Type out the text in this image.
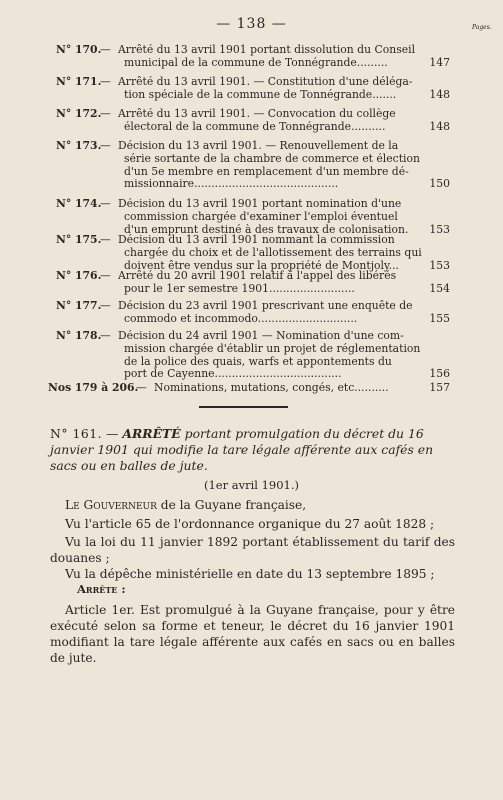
— 138 —	Pages.
N° 170.
— Arrêté du 13 avril 1901 portant dissolution du Conseil
municipal de la commune de Tonnégrande.........	147
N° 171.
— Arrêté du 13 avril 1901. — Constitution d'une déléga-
tion spéciale de la commune de Tonnégrande.......	148
N° 172.
— Arrêté du 13 avril 1901. — Convocation du collège
électoral de la commune de Tonnégrande..........	148
N° 173.
— Décision du 13 avril 1901. — Renouvellement de la
série sortante de la chambre de commerce et élection
d'un 5e membre en remplacement d'un membre dé-
missionnaire..........................................	150
N° 174.
— Décision du 13 avril 1901 portant nomination d'une
commission chargée d'examiner l'emploi éventuel
d'un emprunt destiné à des travaux de colonisation.	153
N° 175.
— Décision du 13 avril 1901 nommant la commission
chargée du choix et de l'allotissement des terrains qui
doivent être vendus sur la propriété de Montjoly...	153
N° 176.
— Arrêté du 20 avril 1901 relatif à l'appel des libérés
pour le 1er semestre 1901.........................	154
N° 177.
— Décision du 23 avril 1901 prescrivant une enquête de
commodo et incommodo.............................	155
N° 178.
— Décision du 24 avril 1901 — Nomination d'une com-
mission chargée d'établir un projet de réglementation
de la police des quais, warfs et appontements du
port de Cayenne.....................................	156
Nos 179 à 206.
— Nominations, mutations, congés, etc..........	157
N° 161. — ARRÊTÉ portant promulgation du décret du 16 janvier 1901 qui modifie la tare légale afférente aux cafés en sacs ou en balles de jute.
(1er avril 1901.)
Le Gouverneur de la Guyane française,
Vu l'article 65 de l'ordonnance organique du 27 août 1828 ;
Vu la loi du 11 janvier 1892 portant établissement du tarif des douanes ;
Vu la dépêche ministérielle en date du 13 septembre 1895 ;
Arrête :
Article 1er. Est promulgué à la Guyane française, pour y être exécuté selon sa forme et teneur, le décret du 16 janvier 1901 modifiant la tare légale afférente aux cafés en sacs ou en balles de jute.
